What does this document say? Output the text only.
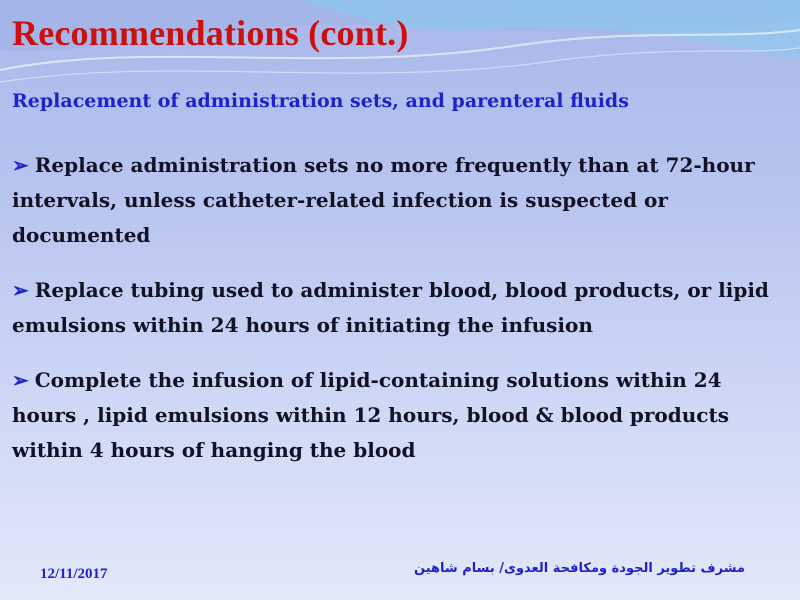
Recommendations (cont.)
Replacement of administration sets, and parenteral fluids
➢ Replace administration sets no more frequently than at 72-hour intervals, unless catheter-related infection is suspected or documented
➢ Replace tubing used to administer blood, blood products, or lipid emulsions within 24 hours of initiating the infusion
➢ Complete the infusion of lipid-containing solutions within 24 hours , lipid emulsions within 12 hours, blood & blood products within 4 hours of hanging the blood
12/11/2017	مشرف تطوير الجودة ومكافحة العدوى/ بسام شاهين
